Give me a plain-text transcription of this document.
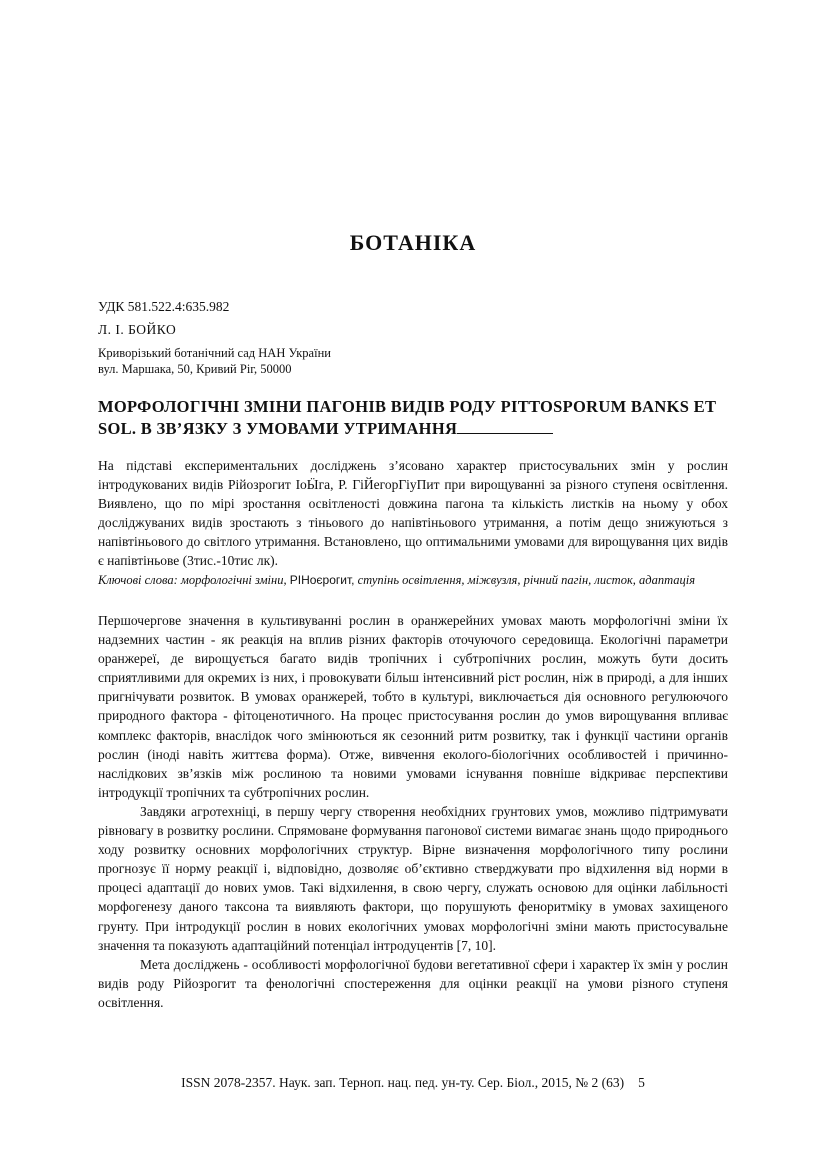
БОТАНІКА
УДК 581.522.4:635.982
Л. І. БОЙКО
Криворізький ботанічний сад НАН України
вул. Маршака, 50, Кривий Ріг, 50000
МОРФОЛОГІЧНІ ЗМІНИ ПАГОНІВ ВИДІВ РОДУ PITTOSPORUM BANKS ET SOL. В ЗВ’ЯЗКУ З УМОВАМИ УТРИМАННЯ
На підставі експериментальних досліджень з’ясовано характер пристосувальних змін у рослин інтродукованих видів Рійозрогит IоӸга, Р. ГіЙегорГіуПит при вирощуванні за різного ступеня освітлення. Виявлено, що по мірі зростання освітленості довжина пагона та кількість листків на ньому у обох досліджуваних видів зростають з тіньового до напівтіньового утримання, а потім дещо знижуються з напівтіньового до світлого утримання. Встановлено, що оптимальними умовами для вирощування цих видів є напівтіньове (3тис.-10тис лк).
Ключові слова: морфологічні зміни, РІНоєрогит, ступінь освітлення, міжвузля, річний пагін, листок, адаптація

Першочергове значення в культивуванні рослин в оранжерейних умовах мають морфологічні зміни їх надземних частин - як реакція на вплив різних факторів оточуючого середовища. Екологічні параметри оранжереї, де вирощується багато видів тропічних і субтропічних рослин, можуть бути досить сприятливими для окремих із них, і провокувати більш інтенсивний ріст рослин, ніж в природі, а для інших пригнічувати розвиток. В умовах оранжерей, тобто в культурі, виключається дія основного регулюючого природного фактора - фітоценотичного. На процес пристосування рослин до умов вирощування впливає комплекс факторів, внаслідок чого змінюються як сезонний ритм розвитку, так і функції частини органів рослин (іноді навіть життєва форма). Отже, вивчення еколого-біологічних особливостей і причинно-наслідкових зв’язків між рослиною та новими умовами існування повніше відкриває перспективи інтродукції тропічних та субтропічних рослин.

Завдяки агротехніці, в першу чергу створення необхідних грунтових умов, можливо підтримувати рівновагу в розвитку рослини. Спрямоване формування пагонової системи вимагає знань щодо природнього ходу розвитку основних морфологічних структур. Вірне визначення морфологічного типу рослини прогнозує її норму реакції і, відповідно, дозволяє об’єктивно стверджувати про відхилення від норми в процесі адаптації до нових умов. Такі відхилення, в свою чергу, служать основою для оцінки лабільності морфогенезу даного таксона та виявляють фактори, що порушують феноритміку в умовах захищеного грунту. При інтродукції рослин в нових екологічних умовах морфологічні зміни мають пристосувальне значення та показують адаптаційний потенціал інтродуцентів [7, 10].

Мета досліджень - особливості морфологічної будови вегетативної сфери і характер їх змін у рослин видів роду Рійозрогит та фенологічні спостереження для оцінки реакції на умови різного ступеня освітлення.

ISSN 2078-2357. Наук. зап. Терноп. нац. пед. ун-ту. Сер. Біол., 2015, № 2 (63) 5
